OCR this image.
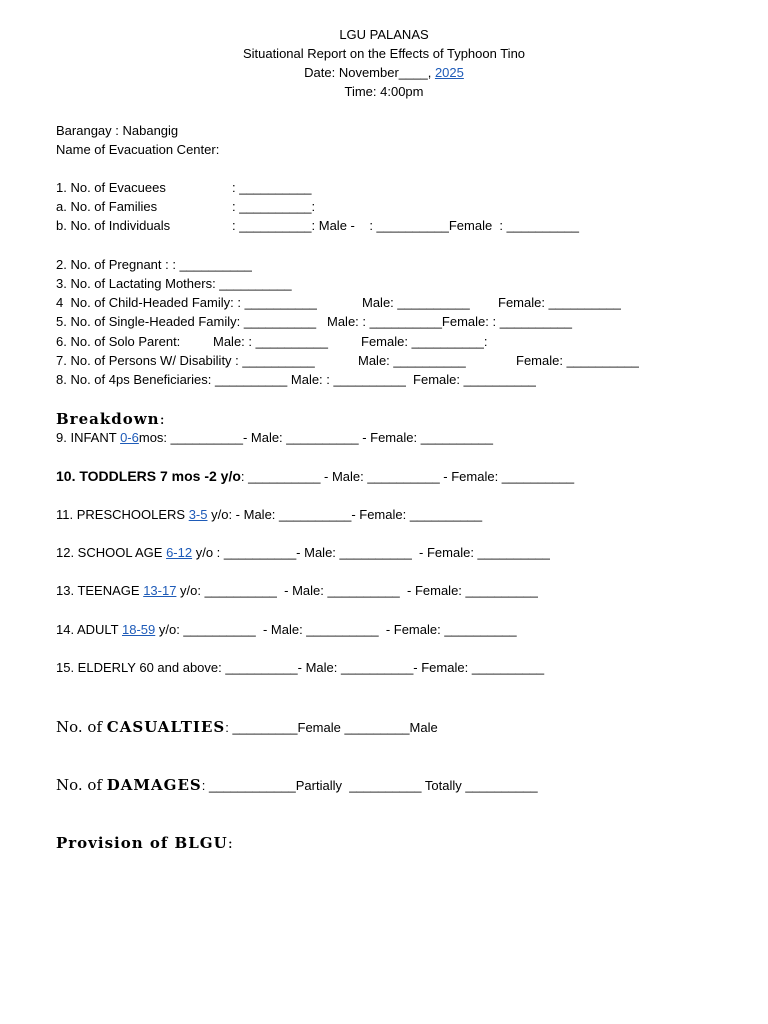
LGU PALANAS
Situational Report on the Effects of Typhoon Tino
Date: November____, 2025
Time: 4:00pm
Barangay : Nabangig
Name of Evacuation Center:
1. No. of Evacuees	: __________
a. No. of Families	: __________:
b. No. of Individuals	: __________: Male -    : __________Female  : __________
2. No. of Pregnant : : __________
3. No. of Lactating Mothers: __________
4  No. of Child-Headed Family: : __________	Male: __________ Female: __________
5. No. of Single-Headed Family: __________   Male: : __________Female: : __________
6. No. of Solo Parent:	Male: : __________	Female: __________:
7. No. of Persons W/ Disability : __________	Male: __________	Female: __________
8. No. of 4ps Beneficiaries: __________ Male: : __________  Female: __________
Breakdown:
9. INFANT 0-6mos: __________- Male: __________ - Female: __________
10. TODDLERS 7 mos -2 y/o: __________ - Male: __________ - Female: __________
11. PRESCHOOLERS 3-5 y/o: - Male: __________- Female: __________
12. SCHOOL AGE 6-12 y/o : __________- Male: __________  - Female: __________
13. TEENAGE 13-17 y/o: __________  - Male: __________  - Female: __________
14. ADULT 18-59 y/o: __________  - Male: __________  - Female: __________
15. ELDERLY 60 and above: __________- Male: __________- Female: __________
No. of CASUALTIES: _________Female _________Male
No. of DAMAGES: ____________Partially  __________ Totally __________
Provision of BLGU:
